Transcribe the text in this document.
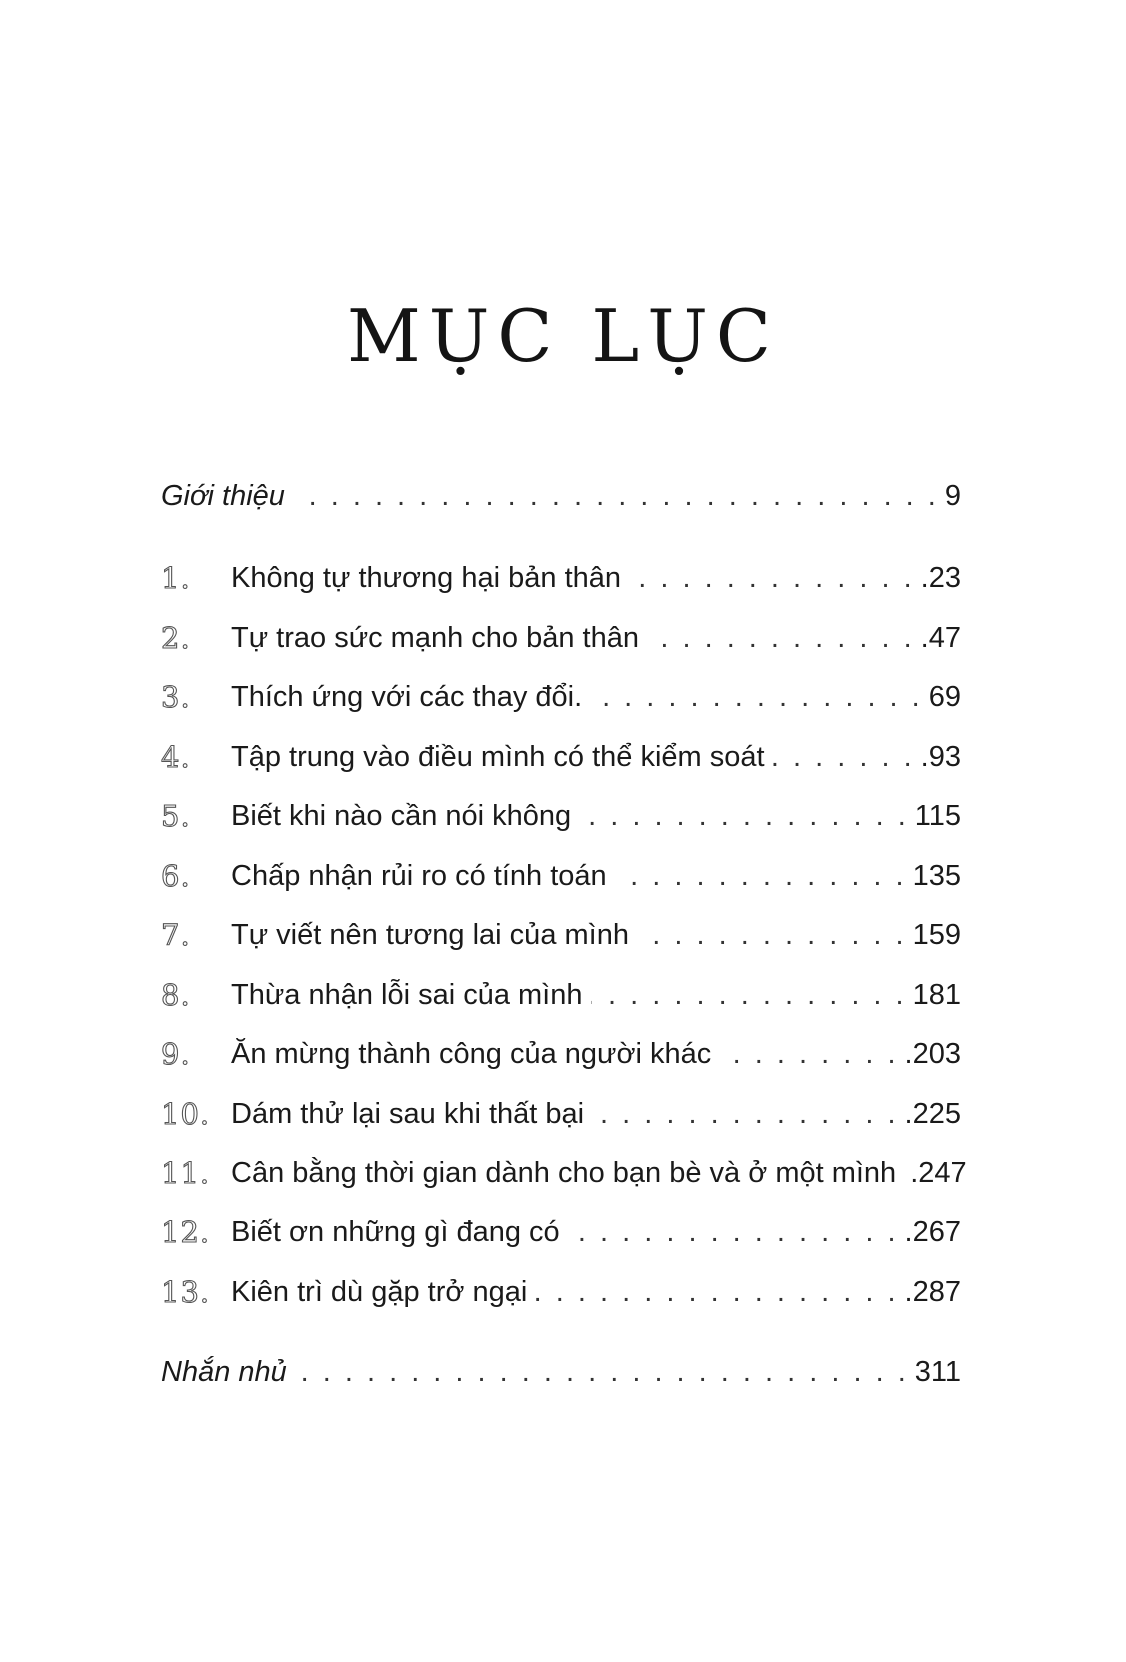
MỤC LỤC
Giới thiệu . . .	9
1.	Không tự thương hại bản thân . . .	.23
2.	Tự trao sức mạnh cho bản thân . . .	.47
3.	Thích ứng với các thay đổi. . . .	69
4.	Tập trung vào điều mình có thể kiểm soát . . .	.93
5.	Biết khi nào cần nói không . . .	115
6.	Chấp nhận rủi ro có tính toán . . .	135
7.	Tự viết nên tương lai của mình . . .	159
8.	Thừa nhận lỗi sai của mình . . .	181
9.	Ăn mừng thành công của người khác . . .	.203
10. Dám thử lại sau khi thất bại . . .	.225
11. Cân bằng thời gian dành cho bạn bè và ở một mình .247
12. Biết ơn những gì đang có . . .	.267
13. Kiên trì dù gặp trở ngại . . .	.287
Nhắn nhủ . . .	311
